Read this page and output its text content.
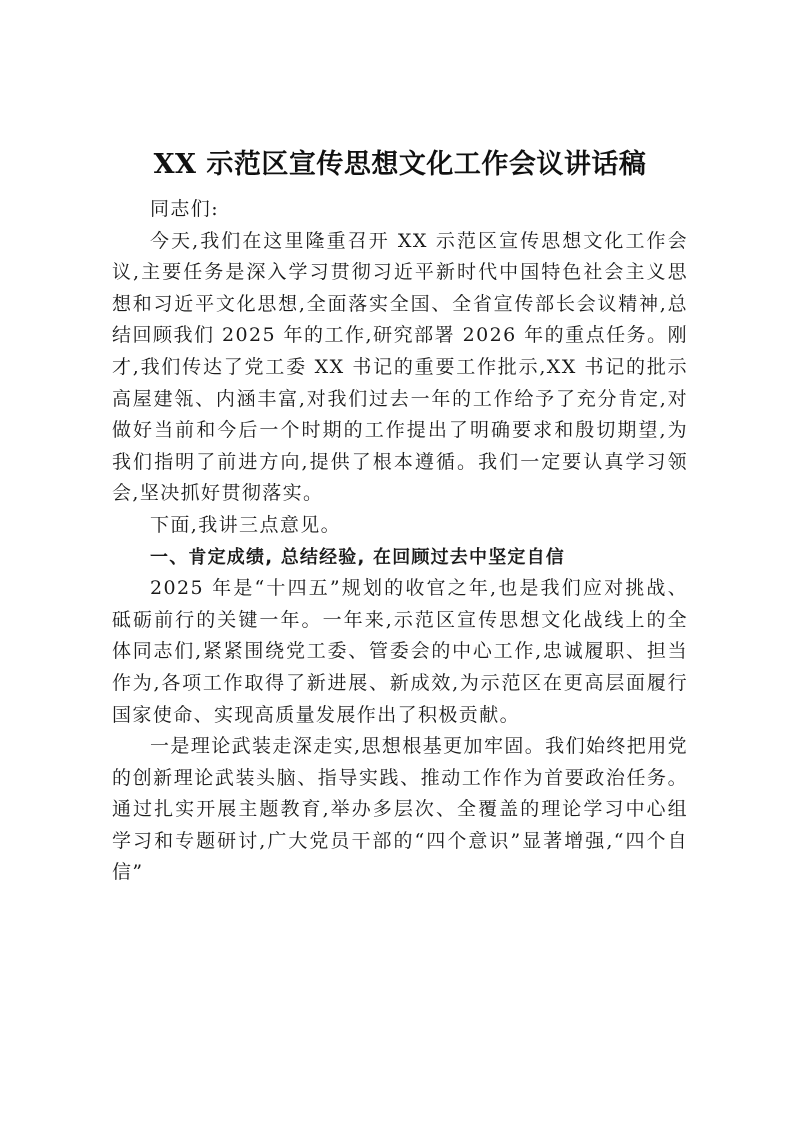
XX 示范区宣传思想文化工作会议讲话稿

同志们:

今天,我们在这里隆重召开 XX 示范区宣传思想文化工作会议,主要任务是深入学习贯彻习近平新时代中国特色社会主义思想和习近平文化思想,全面落实全国、全省宣传部长会议精神,总结回顾我们 2025 年的工作,研究部署 2026 年的重点任务。刚才,我们传达了党工委 XX 书记的重要工作批示,XX 书记的批示高屋建瓴、内涵丰富,对我们过去一年的工作给予了充分肯定,对做好当前和今后一个时期的工作提出了明确要求和殷切期望,为我们指明了前进方向,提供了根本遵循。我们一定要认真学习领会,坚决抓好贯彻落实。

下面,我讲三点意见。

一、肯定成绩, 总结经验, 在回顾过去中坚定自信

2025 年是“十四五”规划的收官之年,也是我们应对挑战、砥砺前行的关键一年。一年来,示范区宣传思想文化战线上的全体同志们,紧紧围绕党工委、管委会的中心工作,忠诚履职、担当作为,各项工作取得了新进展、新成效,为示范区在更高层面履行国家使命、实现高质量发展作出了积极贡献。

一是理论武装走深走实,思想根基更加牢固。我们始终把用党的创新理论武装头脑、指导实践、推动工作作为首要政治任务。通过扎实开展主题教育,举办多层次、全覆盖的理论学习中心组学习和专题研讨,广大党员干部的“四个意识”显著增强,“四个自信”
